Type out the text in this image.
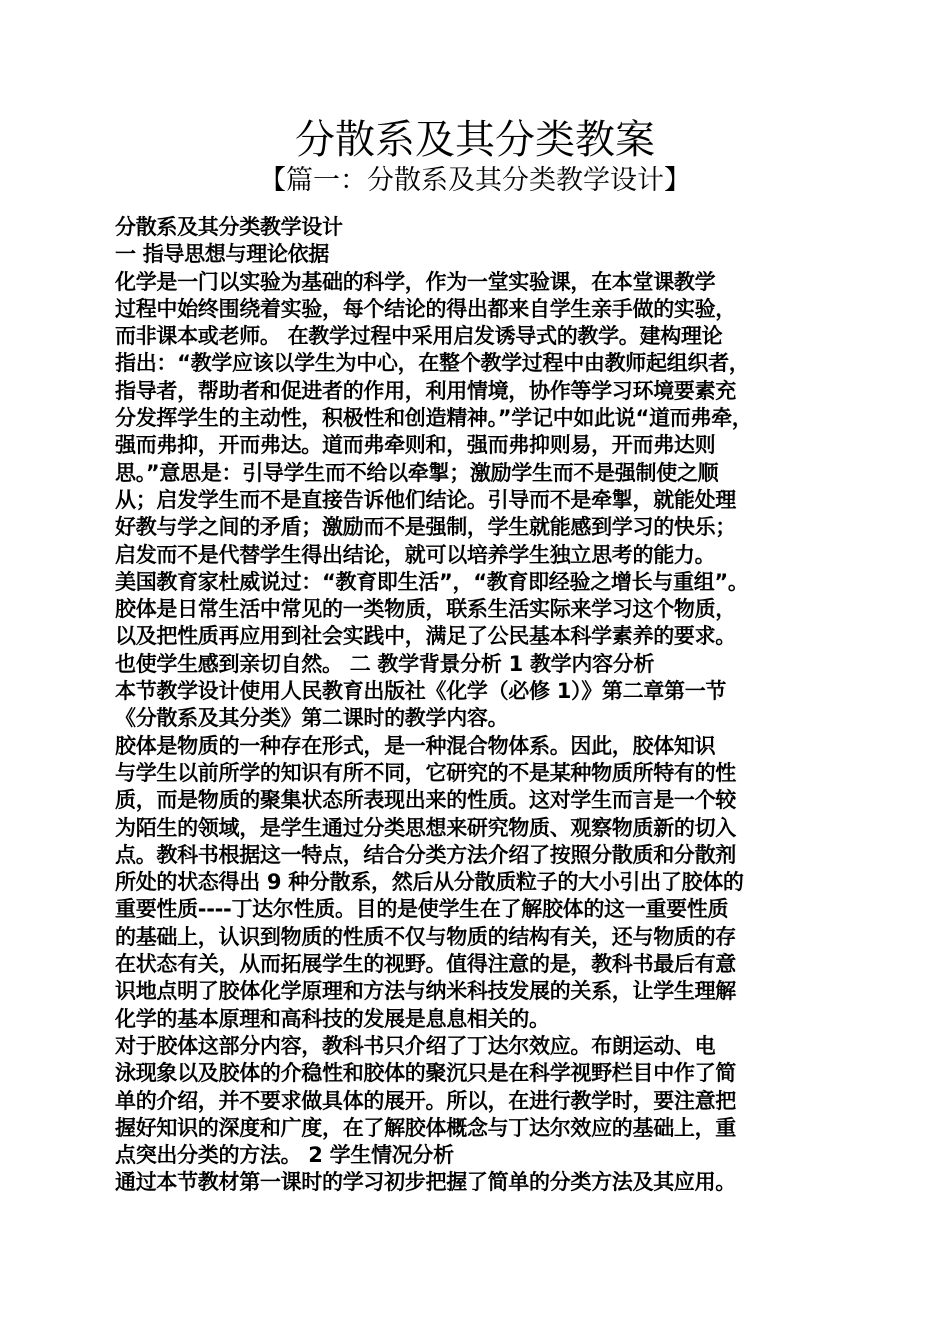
分散系及其分类教案
【篇一：分散系及其分类教学设计】
分散系及其分类教学设计
一 指导思想与理论依据
化学是一门以实验为基础的科学，作为一堂实验课，在本堂课教学
过程中始终围绕着实验，每个结论的得出都来自学生亲手做的实验，
而非课本或老师。 在教学过程中采用启发诱导式的教学。建构理论
指出：“教学应该以学生为中心，在整个教学过程中由教师起组织者，
指导者，帮助者和促进者的作用，利用情境，协作等学习环境要素充
分发挥学生的主动性，积极性和创造精神。”学记中如此说“道而弗牵，
强而弗抑，开而弗达。道而弗牵则和，强而弗抑则易，开而弗达则
思。”意思是：引导学生而不给以牵掣；激励学生而不是强制使之顺
从；启发学生而不是直接告诉他们结论。引导而不是牵掣，就能处理
好教与学之间的矛盾；激励而不是强制，学生就能感到学习的快乐；
启发而不是代替学生得出结论，就可以培养学生独立思考的能力。
美国教育家杜威说过：“教育即生活”，“教育即经验之增长与重组”。
胶体是日常生活中常见的一类物质，联系生活实际来学习这个物质，
以及把性质再应用到社会实践中，满足了公民基本科学素养的要求。
也使学生感到亲切自然。 二 教学背景分析 1 教学内容分析
本节教学设计使用人民教育出版社《化学（必修 1）》第二章第一节
《分散系及其分类》第二课时的教学内容。
胶体是物质的一种存在形式，是一种混合物体系。因此，胶体知识
与学生以前所学的知识有所不同，它研究的不是某种物质所特有的性
质，而是物质的聚集状态所表现出来的性质。这对学生而言是一个较
为陌生的领域，是学生通过分类思想来研究物质、观察物质新的切入
点。教科书根据这一特点，结合分类方法介绍了按照分散质和分散剂
所处的状态得出 9 种分散系，然后从分散质粒子的大小引出了胶体的
重要性质----丁达尔性质。目的是使学生在了解胶体的这一重要性质
的基础上，认识到物质的性质不仅与物质的结构有关，还与物质的存
在状态有关，从而拓展学生的视野。值得注意的是，教科书最后有意
识地点明了胶体化学原理和方法与纳米科技发展的关系，让学生理解
化学的基本原理和高科技的发展是息息相关的。
对于胶体这部分内容，教科书只介绍了丁达尔效应。布朗运动、电
泳现象以及胶体的介稳性和胶体的聚沉只是在科学视野栏目中作了简
单的介绍，并不要求做具体的展开。所以，在进行教学时，要注意把
握好知识的深度和广度，在了解胶体概念与丁达尔效应的基础上，重
点突出分类的方法。 2 学生情况分析
通过本节教材第一课时的学习初步把握了简单的分类方法及其应用。
